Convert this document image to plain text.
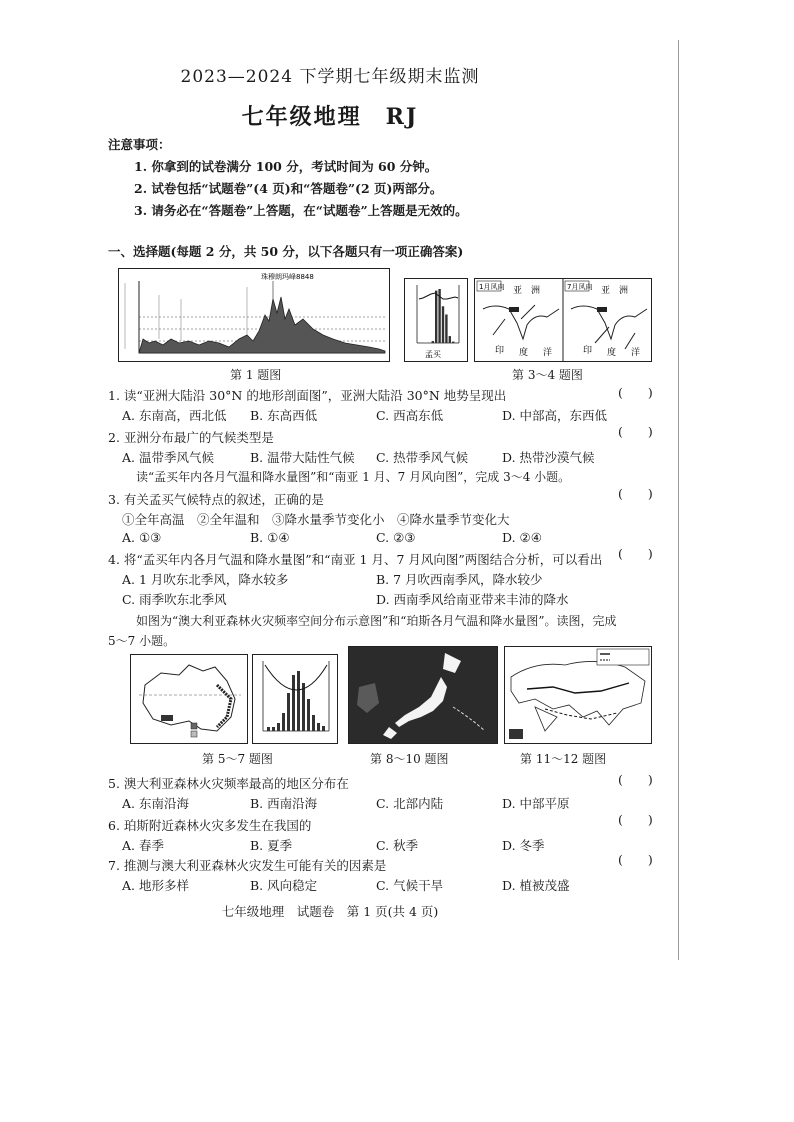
2023—2024 下学期七年级期末监测
七年级地理　RJ
注意事项：
1. 你拿到的试卷满分 100 分，考试时间为 60 分钟。
2. 试卷包括“试题卷”(4 页)和“答题卷”(2 页)两部分。
3. 请务必在“答题卷”上答题，在“试题卷”上答题是无效的。
一、选择题(每题 2 分，共 50 分，以下各题只有一项正确答案)
珠穆朗玛峰8848
第 1 题图
孟买
1月风向	7月风向
亚　洲	亚　洲
印 度 洋	印 度 洋
第 3～4 题图
1. 读“亚洲大陆沿 30°N 的地形剖面图”，亚洲大陆沿 30°N 地势呈现出	(　　)
A. 东南高，西北低 B. 东高西低	C. 西高东低	D. 中部高，东西低
2. 亚洲分布最广的气候类型是	(　　)
A. 温带季风气候	B. 温带大陆性气候 C. 热带季风气候	D. 热带沙漠气候
读“孟买年内各月气温和降水量图”和“南亚 1 月、7 月风向图”，完成 3～4 小题。
3. 有关孟买气候特点的叙述，正确的是	(　　)
①全年高温　②全年温和　③降水量季节变化小　④降水量季节变化大
A. ①③	B. ①④	C. ②③	D. ②④
4. 将“孟买年内各月气温和降水量图”和“南亚 1 月、7 月风向图”两图结合分析，可以看出 (　　)
A. 1 月吹东北季风，降水较多	B. 7 月吹西南季风，降水较少
C. 雨季吹东北季风	D. 西南季风给南亚带来丰沛的降水
如图为“澳大利亚森林火灾频率空间分布示意图”和“珀斯各月气温和降水量图”。读图，完成
5～7 小题。
第 5～7 题图	第 8～10 题图	第 11～12 题图
5. 澳大利亚森林火灾频率最高的地区分布在	(　　)
A. 东南沿海	B. 西南沿海	C. 北部内陆	D. 中部平原
6. 珀斯附近森林火灾多发生在我国的	(　　)
A. 春季	B. 夏季	C. 秋季	D. 冬季
7. 推测与澳大利亚森林火灾发生可能有关的因素是	(　　)
A. 地形多样	B. 风向稳定	C. 气候干旱	D. 植被茂盛
七年级地理　试题卷　第 1 页(共 4 页)
